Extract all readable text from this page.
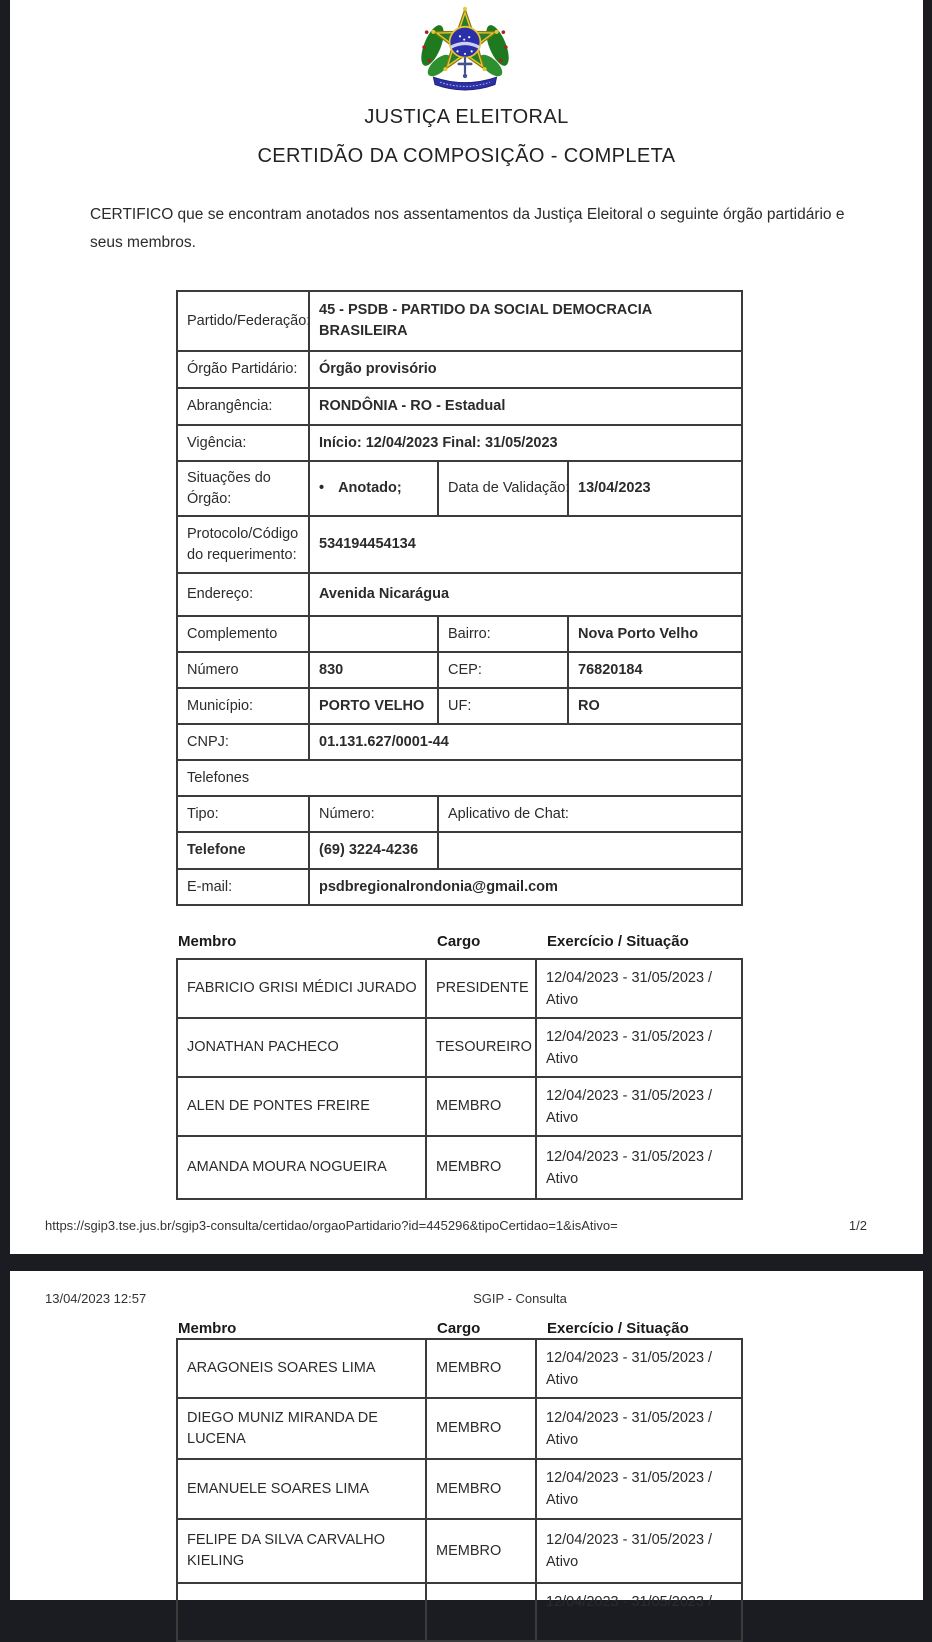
JUSTIÇA ELEITORAL
CERTIDÃO DA COMPOSIÇÃO - COMPLETA
CERTIFICO que se encontram anotados nos assentamentos da Justiça Eleitoral o seguinte órgão partidário e seus membros.
Partido/Federação:	45 - PSDB - PARTIDO DA SOCIAL DEMOCRACIA BRASILEIRA		
Órgão Partidário:	Órgão provisório		
Abrangência:	RONDÔNIA - RO - Estadual		
Vigência:	Início: 12/04/2023 Final: 31/05/2023		
Situações do Órgão:	• Anotado;	Data de Validação:	13/04/2023
Protocolo/Código do requerimento:	534194454134		
Endereço:	Avenida Nicarágua		
Complemento		Bairro:	Nova Porto Velho
Número	830	CEP:	76820184
Município:	PORTO VELHO	UF:	RO
CNPJ:	01.131.627/0001-44		
Telefones			
Tipo:	Número:	Aplicativo de Chat:	
Telefone	(69) 3224-4236		
E-mail:	psdbregionalrondonia@gmail.com		
Membro	Cargo	Exercício / Situação
FABRICIO GRISI MÉDICI JURADO	PRESIDENTE	12/04/2023 - 31/05/2023 /
Ativo

JONATHAN PACHECO	TESOUREIRO	12/04/2023 - 31/05/2023 /
Ativo

ALEN DE PONTES FREIRE	MEMBRO	12/04/2023 - 31/05/2023 /
Ativo

AMANDA MOURA NOGUEIRA	MEMBRO	12/04/2023 - 31/05/2023 /
Ativo
https://sgip3.tse.jus.br/sgip3-consulta/certidao/orgaoPartidario?id=445296&tipoCertidao=1&isAtivo=	1/2
13/04/2023 12:57	SGIP - Consulta
Membro	Cargo	Exercício / Situação
ARAGONEIS SOARES LIMA	MEMBRO	12/04/2023 - 31/05/2023 /
Ativo

DIEGO MUNIZ MIRANDA DE LUCENA	MEMBRO	12/04/2023 - 31/05/2023 /
Ativo

EMANUELE SOARES LIMA	MEMBRO	12/04/2023 - 31/05/2023 /
Ativo

FELIPE DA SILVA CARVALHO KIELING	MEMBRO	12/04/2023 - 31/05/2023 /
Ativo

		12/04/2023 - 31/05/2023 /
